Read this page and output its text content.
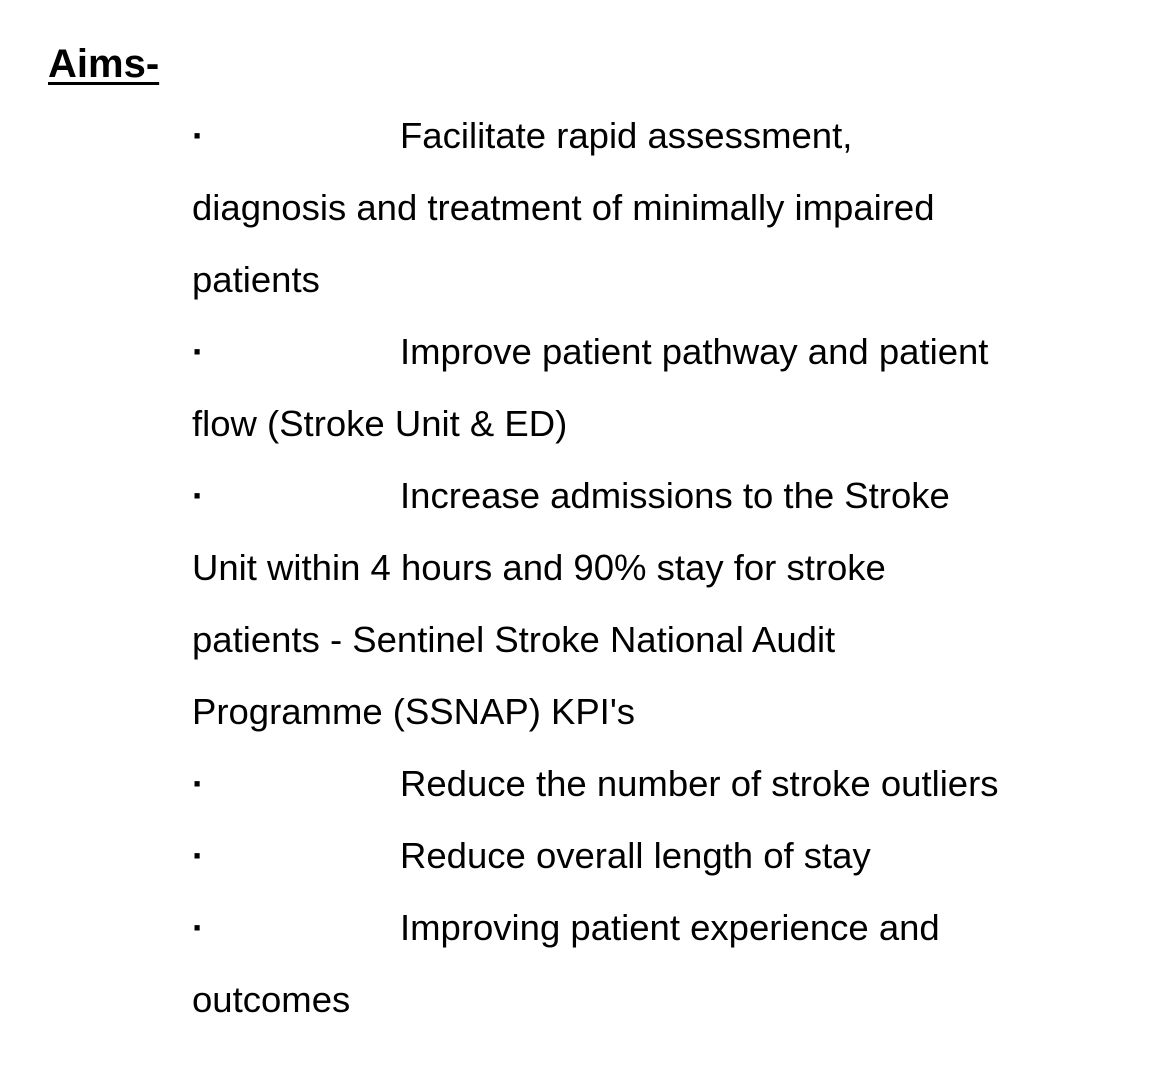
Aims-
·	Facilitate rapid assessment,
diagnosis and treatment of minimally impaired
patients
·	Improve patient pathway and patient
flow (Stroke Unit & ED)
·	Increase admissions to the Stroke
Unit within 4 hours and 90% stay for stroke
patients - Sentinel Stroke National Audit
Programme (SSNAP) KPI's
·	Reduce the number of stroke outliers
·	Reduce overall length of stay
·	Improving patient experience and
outcomes
